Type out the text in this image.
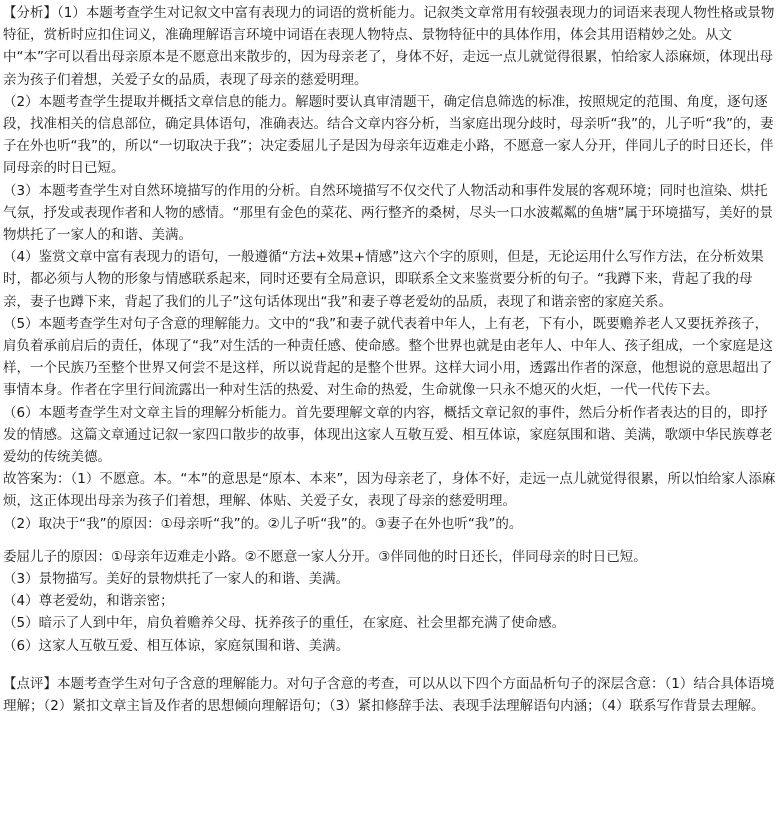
【分析】（1）本题考查学生对记叙文中富有表现力的词语的赏析能力。记叙类文章常用有较强表现力的词语来表现人物性格或景物特征，赏析时应扣住词义，准确理解语言环境中词语在表现人物特点、景物特征中的具体作用，体会其用语精妙之处。从文中“本”字可以看出母亲原本是不愿意出来散步的，因为母亲老了，身体不好，走远一点儿就觉得很累，怕给家人添麻烦，体现出母亲为孩子们着想，关爱子女的品质，表现了母亲的慈爱明理。

（2）本题考查学生提取并概括文章信息的能力。解题时要认真审清题干，确定信息筛选的标准，按照规定的范围、角度，逐句逐段，找准相关的信息部位，确定具体语句，准确表达。结合文章内容分析，当家庭出现分歧时，母亲听“我”的，儿子听“我”的，妻子在外也听“我”的，所以“一切取决于我”；决定委屈儿子是因为母亲年迈难走小路，不愿意一家人分开，伴同儿子的时日还长，伴同母亲的时日已短。

（3）本题考查学生对自然环境描写的作用的分析。自然环境描写不仅交代了人物活动和事件发展的客观环境；同时也渲染、烘托气氛，抒发或表现作者和人物的感情。“那里有金色的菜花、两行整齐的桑树，尽头一口水波粼粼的鱼塘”属于环境描写，美好的景物烘托了一家人的和谐、美满。

（4）鉴赏文章中富有表现力的语句，一般遵循“方法+效果+情感”这六个字的原则，但是，无论运用什么写作方法，在分析效果时，都必须与人物的形象与情感联系起来，同时还要有全局意识，即联系全文来鉴赏要分析的句子。“我蹲下来，背起了我的母亲，妻子也蹲下来，背起了我们的儿子”这句话体现出“我”和妻子尊老爱幼的品质，表现了和谐亲密的家庭关系。

（5）本题考查学生对句子含意的理解能力。文中的“我”和妻子就代表着中年人，上有老，下有小，既要赡养老人又要抚养孩子，肩负着承前启后的责任，体现了“我”对生活的一种责任感、使命感。整个世界也就是由老年人、中年人、孩子组成，一个家庭是这样，一个民族乃至整个世界又何尝不是这样，所以说背起的是整个世界。这样大词小用，透露出作者的深意，他想说的意思超出了事情本身。作者在字里行间流露出一种对生活的热爱、对生命的热爱，生命就像一只永不熄灭的火炬，一代一代传下去。

（6）本题考查学生对文章主旨的理解分析能力。首先要理解文章的内容，概括文章记叙的事件，然后分析作者表达的目的，即抒发的情感。这篇文章通过记叙一家四口散步的故事，体现出这家人互敬互爱、相互体谅，家庭氛围和谐、美满，歌颂中华民族尊老爱幼的传统美德。

故答案为：（1）不愿意。本。“本”的意思是“原本、本来”，因为母亲老了，身体不好，走远一点儿就觉得很累，所以怕给家人添麻烦，这正体现出母亲为孩子们着想，理解、体贴、关爱子女，表现了母亲的慈爱明理。

（2）取决于“我”的原因：①母亲听“我”的。②儿子听“我”的。③妻子在外也听“我”的。

委屈儿子的原因：①母亲年迈难走小路。②不愿意一家人分开。③伴同他的时日还长，伴同母亲的时日已短。

（3）景物描写。美好的景物烘托了一家人的和谐、美满。

（4）尊老爱幼，和谐亲密；

（5）暗示了人到中年，肩负着赡养父母、抚养孩子的重任，在家庭、社会里都充满了使命感。

（6）这家人互敬互爱、相互体谅，家庭氛围和谐、美满。

【点评】本题考查学生对句子含意的理解能力。对句子含意的考查，可以从以下四个方面品析句子的深层含意：（1）结合具体语境理解；（2）紧扣文章主旨及作者的思想倾向理解语句；（3）紧扣修辞手法、表现手法理解语句内涵；（4）联系写作背景去理解。
